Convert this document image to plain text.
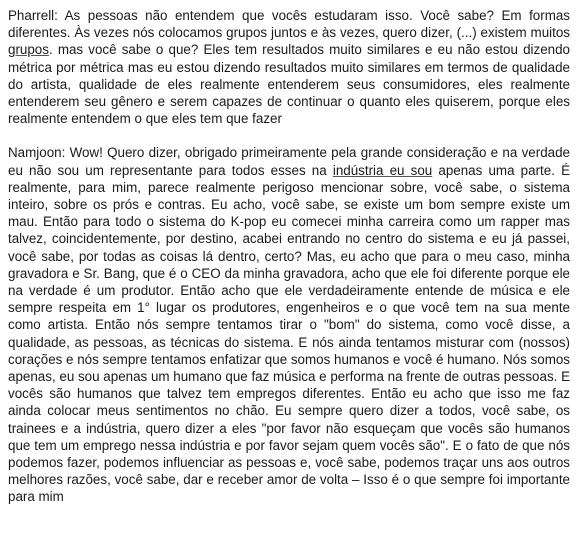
Pharrell: As pessoas não entendem que vocês estudaram isso. Você sabe? Em formas diferentes. Às vezes nós colocamos grupos juntos e às vezes, quero dizer, (...) existem muitos grupos. mas você sabe o que? Eles tem resultados muito similares e eu não estou dizendo métrica por métrica mas eu estou dizendo resultados muito similares em termos de qualidade do artista, qualidade de eles realmente entenderem seus consumidores, eles realmente entenderem seu gênero e serem capazes de continuar o quanto eles quiserem, porque eles realmente entendem o que eles tem que fazer

Namjoon: Wow! Quero dizer, obrigado primeiramente pela grande consideração e na verdade eu não sou um representante para todos esses na indústria eu sou apenas uma parte. É realmente, para mim, parece realmente perigoso mencionar sobre, você sabe, o sistema inteiro, sobre os prós e contras. Eu acho, você sabe, se existe um bom sempre existe um mau. Então para todo o sistema do K-pop eu comecei minha carreira como um rapper mas talvez, coincidentemente, por destino, acabei entrando no centro do sistema e eu já passei, você sabe, por todas as coisas lá dentro, certo? Mas, eu acho que para o meu caso, minha gravadora e Sr. Bang, que é o CEO da minha gravadora, acho que ele foi diferente porque ele na verdade é um produtor. Então acho que ele verdadeiramente entende de música e ele sempre respeita em 1° lugar os produtores, engenheiros e o que você tem na sua mente como artista. Então nós sempre tentamos tirar o "bom" do sistema, como você disse, a qualidade, as pessoas, as técnicas do sistema. E nós ainda tentamos misturar com (nossos) corações e nós sempre tentamos enfatizar que somos humanos e você é humano. Nós somos apenas, eu sou apenas um humano que faz música e performa na frente de outras pessoas. E vocês são humanos que talvez tem empregos diferentes. Então eu acho que isso me faz ainda colocar meus sentimentos no chão. Eu sempre quero dizer a todos, você sabe, os trainees e a indústria, quero dizer a eles "por favor não esqueçam que vocês são humanos que tem um emprego nessa indústria e por favor sejam quem vocês são". E o fato de que nós podemos fazer, podemos influenciar as pessoas e, você sabe, podemos traçar uns aos outros melhores razões, você sabe, dar e receber amor de volta – Isso é o que sempre foi importante para mim
